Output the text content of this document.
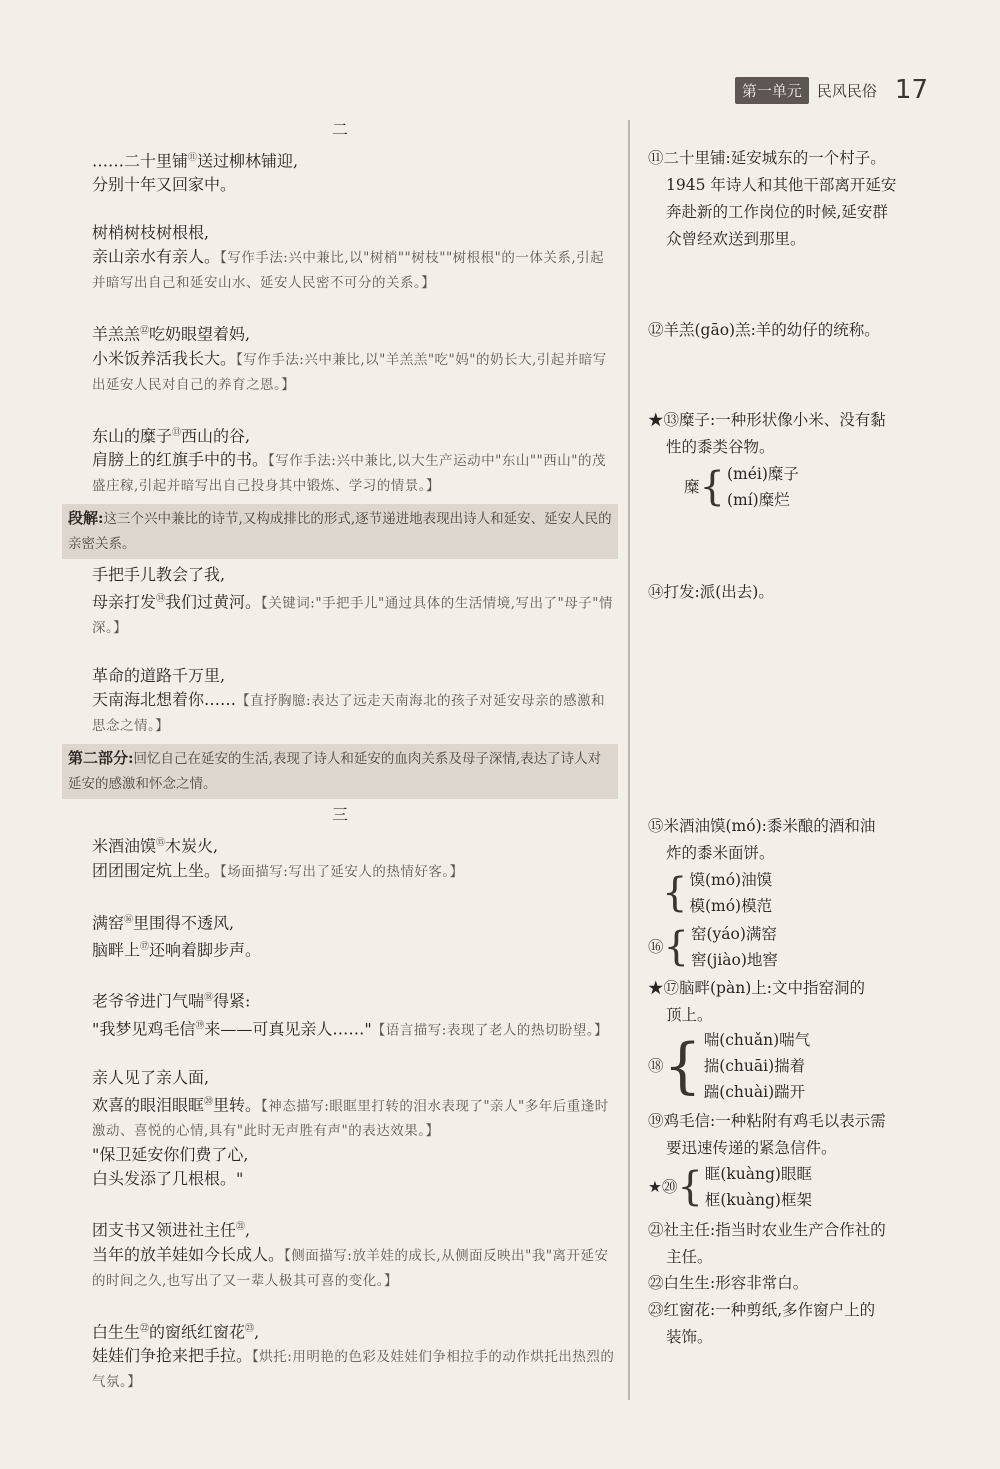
第一单元	民风民俗 17
二
……二十里铺⑪送过柳林铺迎,
分别十年又回家中。
树梢树枝树根根,
亲山亲水有亲人。【写作手法:兴中兼比,以"树梢""树枝""树根根"的一体关系,引起并暗写出自己和延安山水、延安人民密不可分的关系。】
羊羔羔⑫吃奶眼望着妈,
小米饭养活我长大。【写作手法:兴中兼比,以"羊羔羔"吃"妈"的奶长大,引起并暗写出延安人民对自己的养育之恩。】
东山的糜子⑬西山的谷,
肩膀上的红旗手中的书。【写作手法:兴中兼比,以大生产运动中"东山""西山"的茂盛庄稼,引起并暗写出自己投身其中锻炼、学习的情景。】
段解:这三个兴中兼比的诗节,又构成排比的形式,逐节递进地表现出诗人和延安、延安人民的亲密关系。
手把手儿教会了我,
母亲打发⑭我们过黄河。【关键词:"手把手儿"通过具体的生活情境,写出了"母子"情深。】
革命的道路千万里,
天南海北想着你……【直抒胸臆:表达了远走天南海北的孩子对延安母亲的感激和思念之情。】
第二部分:回忆自己在延安的生活,表现了诗人和延安的血肉关系及母子深情,表达了诗人对延安的感激和怀念之情。
三
米酒油馍⑮木炭火,
团团围定炕上坐。【场面描写:写出了延安人的热情好客。】
满窑⑯里围得不透风,
脑畔上⑰还响着脚步声。
老爷爷进门气喘⑱得紧:
"我梦见鸡毛信⑲来——可真见亲人……"【语言描写:表现了老人的热切盼望。】
亲人见了亲人面,
欢喜的眼泪眼眶⑳里转。【神态描写:眼眶里打转的泪水表现了"亲人"多年后重逢时激动、喜悦的心情,具有"此时无声胜有声"的表达效果。】
"保卫延安你们费了心,
白头发添了几根根。"
团支书又领进社主任$^㉑$,
当年的放羊娃如今长成人。【侧面描写:放羊娃的成长,从侧面反映出"我"离开延安的时间之久,也写出了又一辈人极其可喜的变化。】
白生生$^㉒$的窗纸红窗花$^㉓$,
娃娃们争抢来把手拉。【烘托:用明艳的色彩及娃娃们争相拉手的动作烘托出热烈的气氛。】
⑪二十里铺:延安城东的一个村子。
1945 年诗人和其他干部离开延安
奔赴新的工作岗位的时候,延安群
众曾经欢送到那里。
⑫羊羔(gāo)羔:羊的幼仔的统称。
★⑬糜子:一种形状像小米、没有黏
性的黍类谷物。
糜 { (méi)糜子
(mí)糜烂
⑭打发:派(出去)。
⑮米酒油馍(mó):黍米酿的酒和油
炸的黍米面饼。
{ 馍(mó)油馍
模(mó)模范
⑯ { 窑(yáo)满窑
窖(jiào)地窖
★⑰脑畔(pàn)上:文中指窑洞的
顶上。
⑱ { 喘(chuǎn)喘气
揣(chuāi)揣着
踹(chuài)踹开
⑲鸡毛信:一种粘附有鸡毛以表示需
要迅速传递的紧急信件。
★⑳ { 眶(kuàng)眼眶
框(kuàng)框架
㉑社主任:指当时农业生产合作社的
主任。
㉒白生生:形容非常白。
㉓红窗花:一种剪纸,多作窗户上的
装饰。
